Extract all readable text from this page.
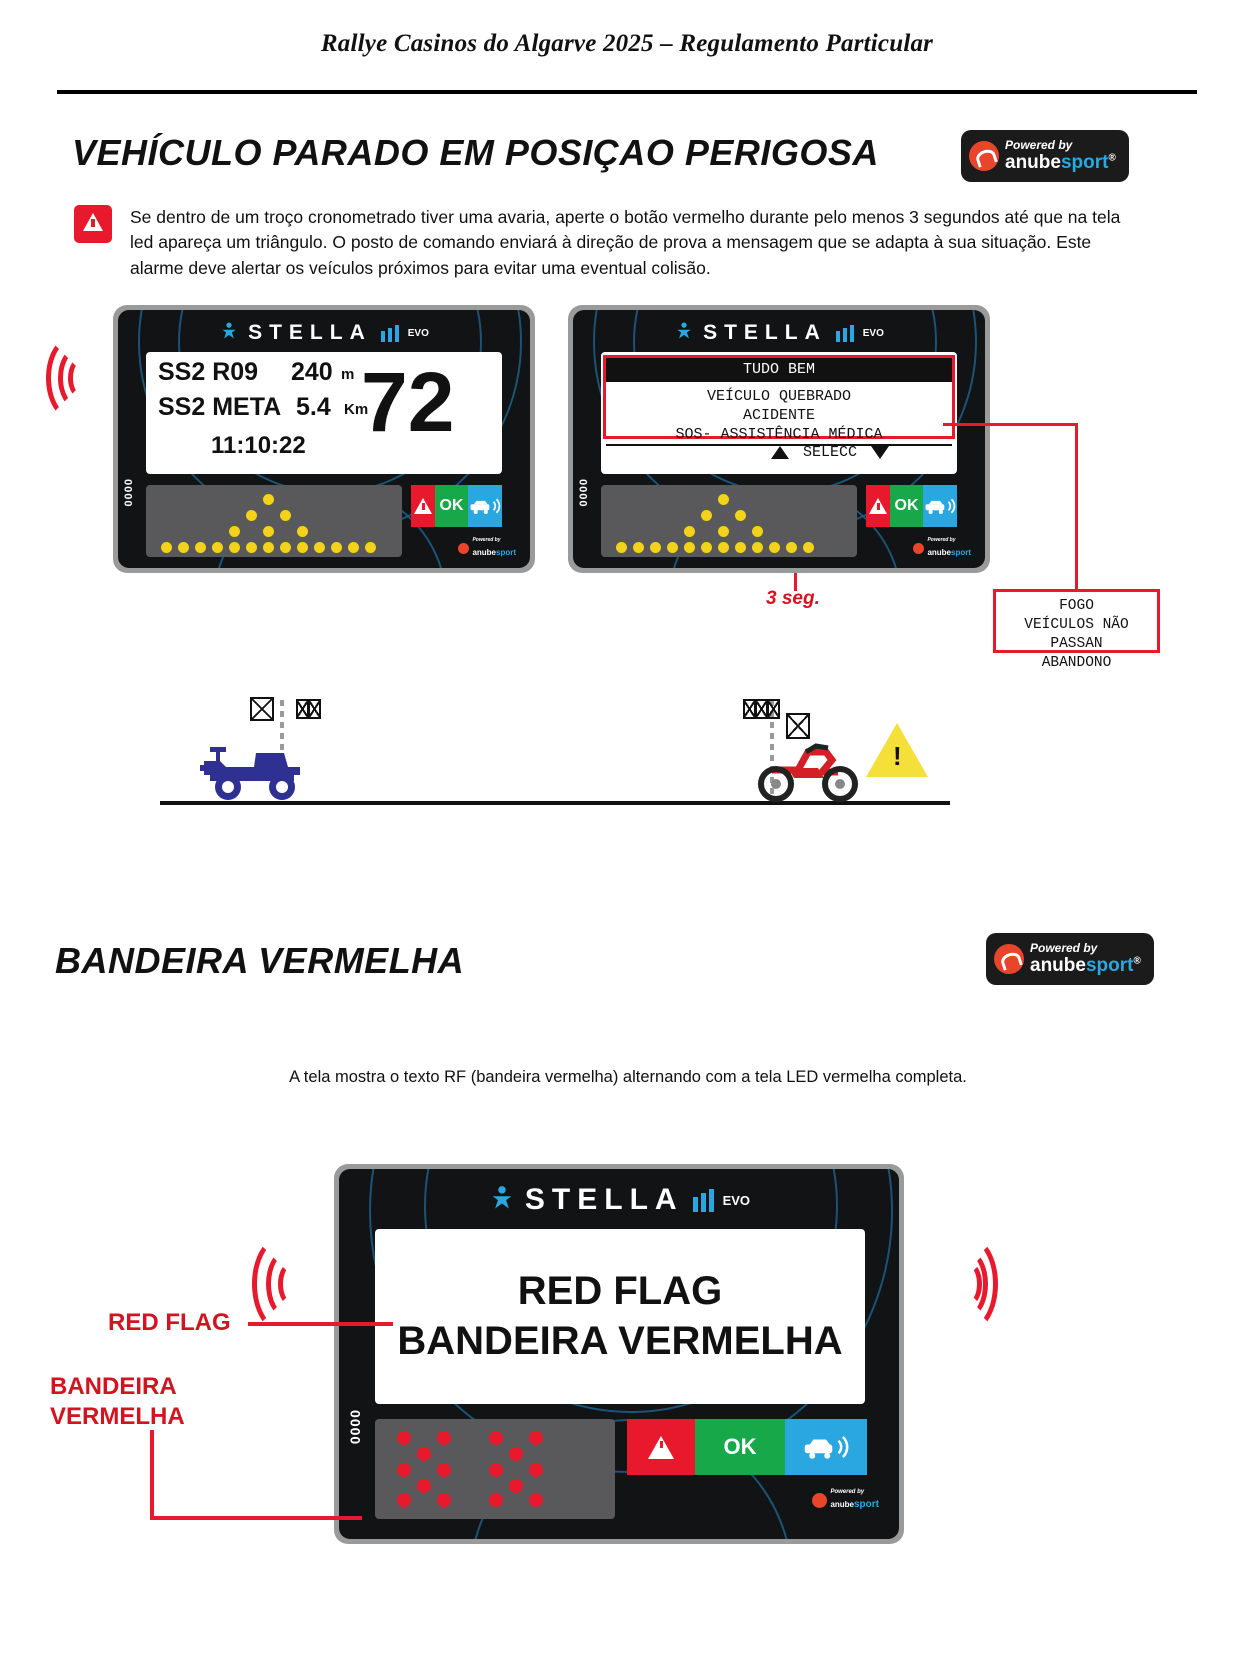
Rallye Casinos do Algarve 2025 – Regulamento Particular
VEHÍCULO PARADO EM POSIÇAO PERIGOSA	Powered by
anubesport®
Se dentro de um troço cronometrado tiver uma avaria, aperte o botão vermelho durante pelo menos 3 segundos até que na tela led apareça um triângulo. O posto de comando enviará à direção de prova a mensagem que se adapta à sua situação. Este alarme deve alertar os veículos próximos para evitar uma eventual colisão.
STELLA	EVO
SS2 R09 240 m
SS2 META 5.4 Km
72
11:10:22
OK
Powered by
anubesport
0000
STELLA	EVO
TUDO BEM
VEÍCULO QUEBRADO
ACIDENTE
SOS- ASSISTÊNCIA MÉDICA
SELECC
OK
Powered by
anubesport
0000
3 seg.	FOGO
VEÍCULOS NÃO PASSAN
ABANDONO
!
BANDEIRA VERMELHA	Powered by
anubesport®
A tela mostra o texto RF (bandeira vermelha) alternando com a tela LED vermelha completa.
STELLA	EVO
RED FLAG
BANDEIRA VERMELHA
OK
Powered by
anubesport
0000
RED FLAG
BANDEIRA
VERMELHA
